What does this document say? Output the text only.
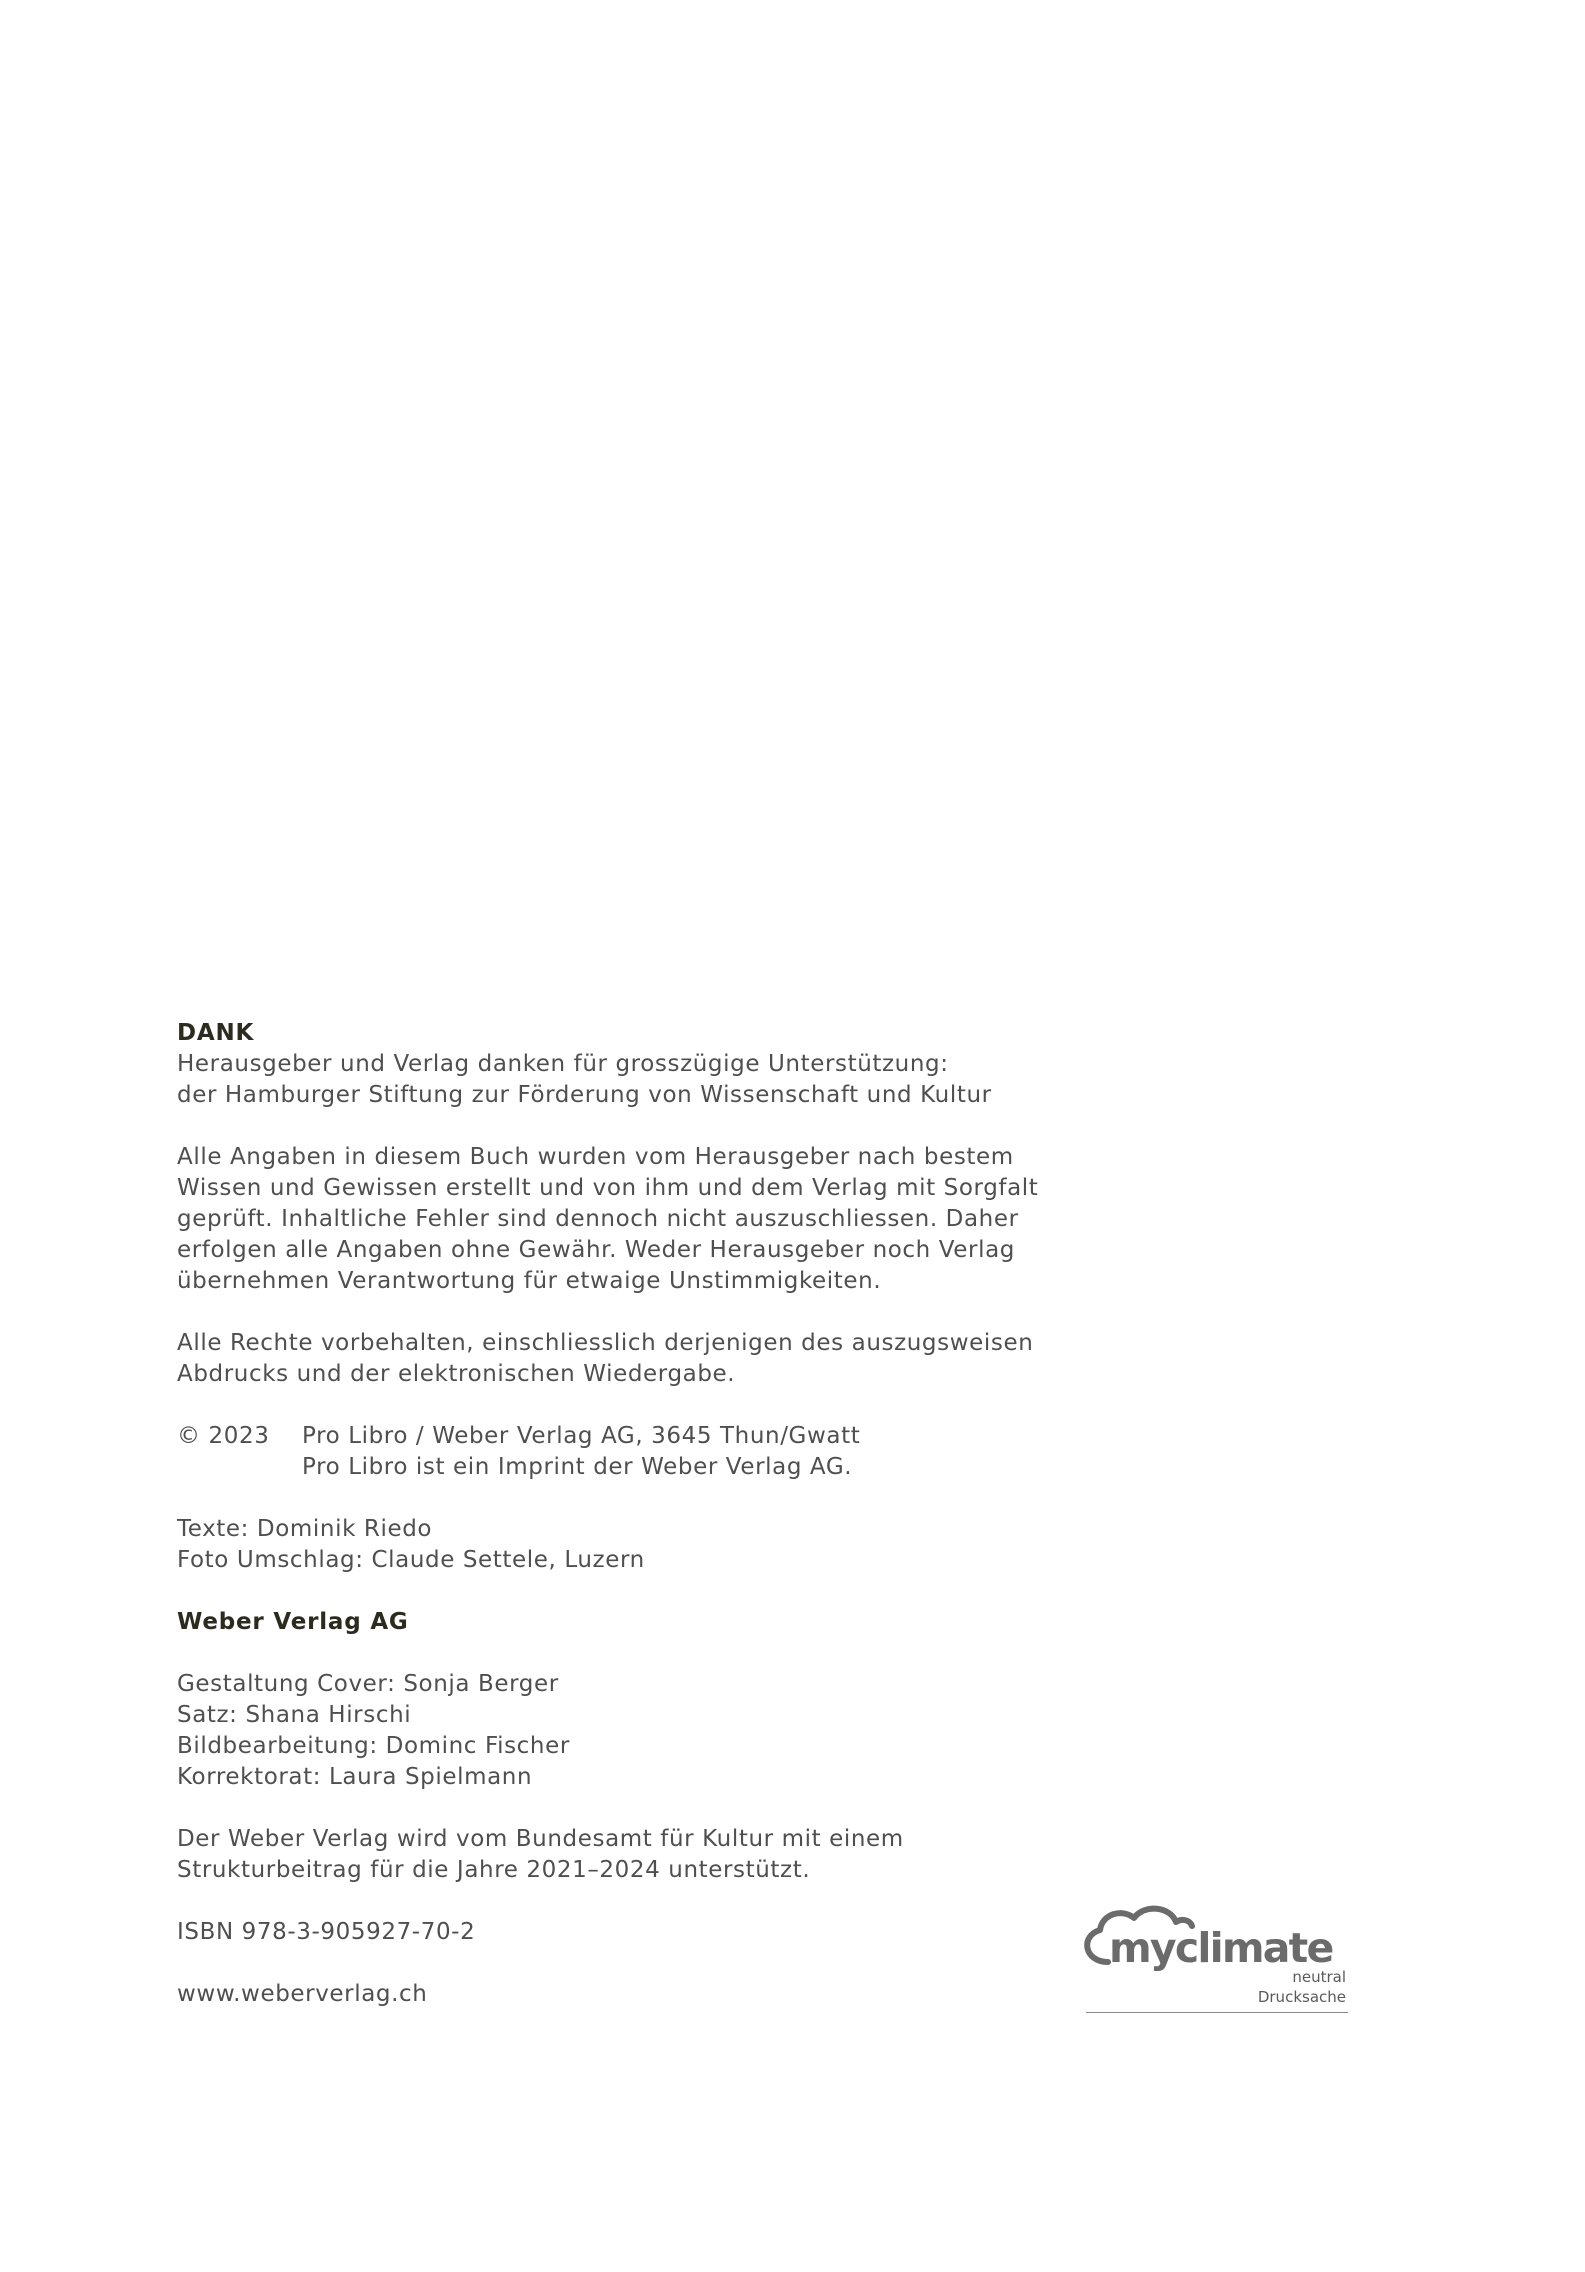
DANK
Herausgeber und Verlag danken für grosszügige Unterstützung:
der Hamburger Stiftung zur Förderung von Wissenschaft und Kultur
Alle Angaben in diesem Buch wurden vom Herausgeber nach bestem
Wissen und Gewissen erstellt und von ihm und dem Verlag mit Sorgfalt
geprüft. Inhaltliche Fehler sind dennoch nicht auszuschliessen. Daher
erfolgen alle Angaben ohne Gewähr. Weder Herausgeber noch Verlag
übernehmen Verantwortung für etwaige Unstimmigkeiten.
Alle Rechte vorbehalten, einschliesslich derjenigen des auszugsweisen
Abdrucks und der elektronischen Wiedergabe.
© 2023	Pro Libro / Weber Verlag AG, 3645 Thun/Gwatt
Pro Libro ist ein Imprint der Weber Verlag AG.
Texte: Dominik Riedo
Foto Umschlag: Claude Settele, Luzern
Weber Verlag AG
Gestaltung Cover: Sonja Berger
Satz: Shana Hirschi
Bildbearbeitung: Dominc Fischer
Korrektorat: Laura Spielmann
Der Weber Verlag wird vom Bundesamt für Kultur mit einem
Strukturbeitrag für die Jahre 2021–2024 unterstützt.
ISBN 978-3-905927-70-2
www.weberverlag.ch
myclimate
neutral
Drucksache
